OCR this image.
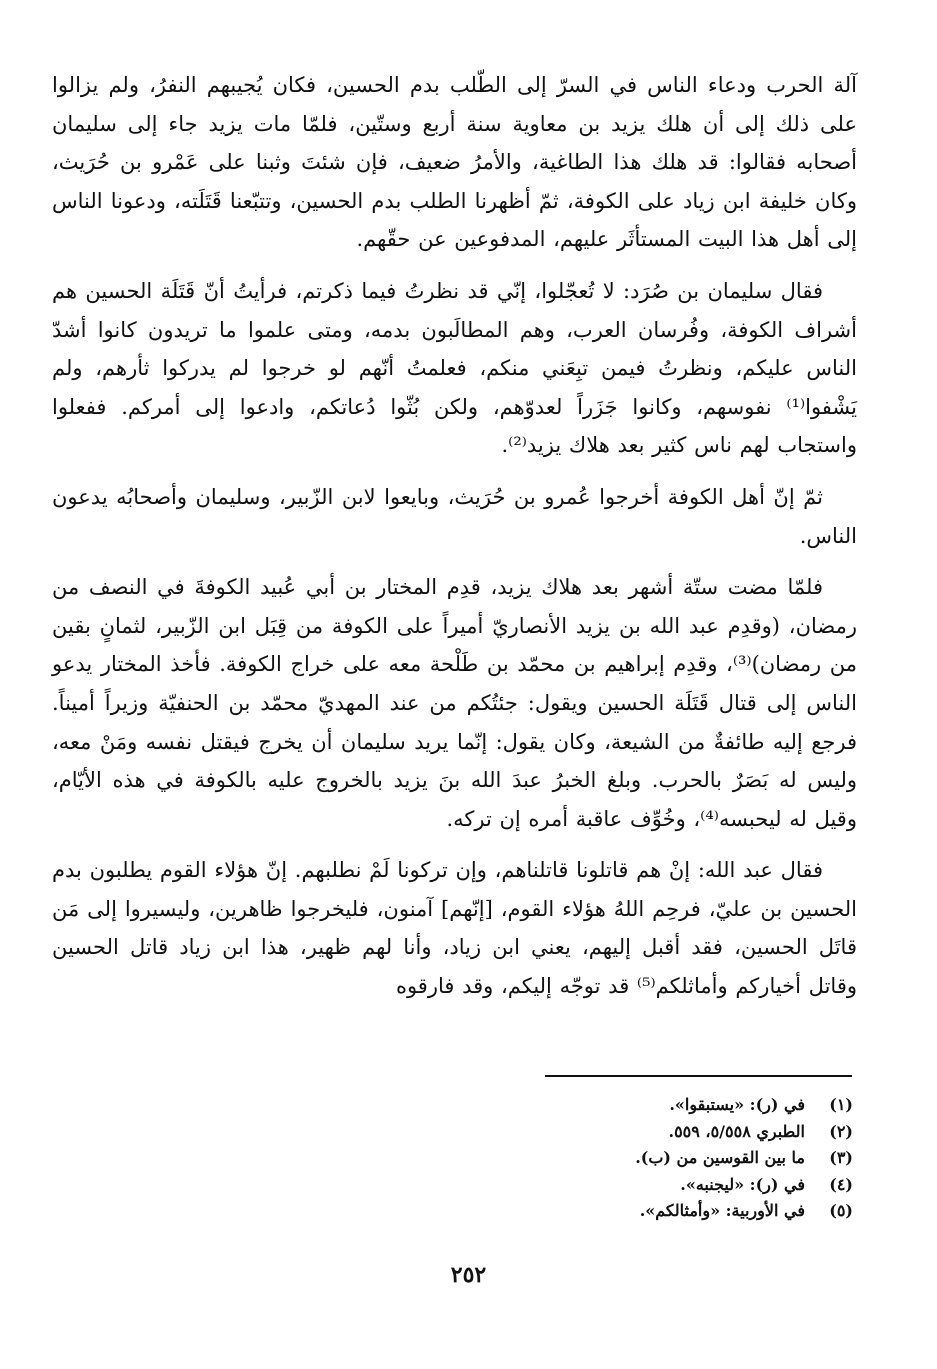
آلة الحرب ودعاء الناس في السرّ إلى الطّلب بدم الحسين، فكان يُجيبهم النفرُ، ولم يزالوا على ذلك إلى أن هلك يزيد بن معاوية سنة أربع وستّين، فلمّا مات يزيد جاء إلى سليمان أصحابه فقالوا: قد هلك هذا الطاغية، والأمرُ ضعيف، فإن شئتَ وثبنا على عَمْرو بن حُرَيث، وكان خليفة ابن زياد على الكوفة، ثمّ أظهرنا الطلب بدم الحسين، وتتبّعنا قَتَلَته، ودعونا الناس إلى أهل هذا البيت المستأثَر عليهم، المدفوعين عن حقّهم.

فقال سليمان بن صُرَد: لا تُعجّلوا، إنّي قد نظرتُ فيما ذكرتم، فرأيتُ أنّ قَتَلَة الحسين هم أشراف الكوفة، وفُرسان العرب، وهم المطالَبون بدمه، ومتى علموا ما تريدون كانوا أشدّ الناس عليكم، ونظرتُ فيمن تبِعَني منكم، فعلمتُ أنّهم لو خرجوا لم يدركوا ثأرهم، ولم يَشْفوا⁽¹⁾ نفوسهم، وكانوا جَزَراً لعدوّهم، ولكن بُثّوا دُعاتكم، وادعوا إلى أمركم. ففعلوا واستجاب لهم ناس كثير بعد هلاك يزيد⁽²⁾.

ثمّ إنّ أهل الكوفة أخرجوا عُمرو بن حُرَيث، وبايعوا لابن الزّبير، وسليمان وأصحابُه يدعون الناس.

فلمّا مضت ستّة أشهر بعد هلاك يزيد، قدِم المختار بن أبي عُبيد الكوفةَ في النصف من رمضان، (وقدِم عبد الله بن يزيد الأنصاريّ أميراً على الكوفة من قِبَل ابن الزّبير، لثمانٍ بقين من رمضان)⁽³⁾، وقدِم إبراهيم بن محمّد بن طَلْحة معه على خراج الكوفة. فأخذ المختار يدعو الناس إلى قتال قَتَلَة الحسين ويقول: جئتُكم من عند المهديّ محمّد بن الحنفيّة وزيراً أميناً. فرجع إليه طائفةٌ من الشيعة، وكان يقول: إنّما يريد سليمان أن يخرج فيقتل نفسه ومَنْ معه، وليس له بَصَرٌ بالحرب. وبلغ الخبرُ عبدَ الله بنَ يزيد بالخروج عليه بالكوفة في هذه الأيّام، وقيل له ليحبسه⁽⁴⁾، وخُوِّف عاقبة أمره إن تركه.

فقال عبد الله: إنْ هم قاتلونا قاتلناهم، وإن تركونا لَمْ نطلبهم. إنّ هؤلاء القوم يطلبون بدم الحسين بن عليّ، فرحِم اللهُ هؤلاء القوم، [إنّهم] آمنون، فليخرجوا ظاهرين، وليسيروا إلى مَن قاتَل الحسين، فقد أقبل إليهم، يعني ابن زياد، وأنا لهم ظهير، هذا ابن زياد قاتل الحسين وقاتل أخياركم وأماثلكم⁽⁵⁾ قد توجّه إليكم، وقد فارقوه

(١)في (ر): «يستبقوا».
(٢)الطبري ٥/٥٥٨، ٥٥٩.
(٣)ما بين القوسين من (ب).
(٤)في (ر): «ليجنبه».
(٥)في الأوربية: «وأمثالكم».
٢٥٢
